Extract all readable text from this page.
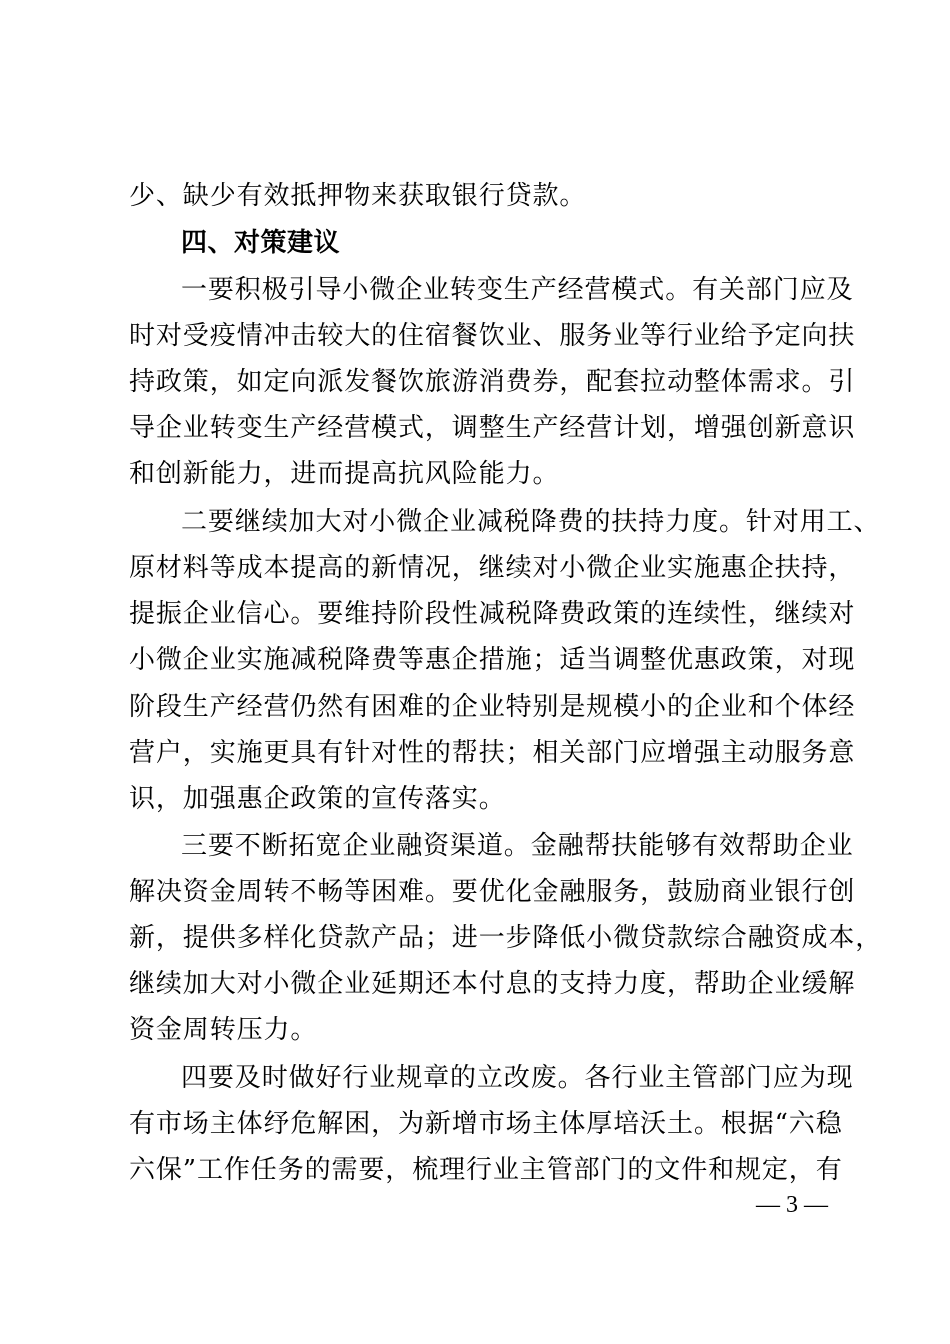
少、缺少有效抵押物来获取银行贷款。
四、对策建议
一要积极引导小微企业转变生产经营模式。有关部门应及
时对受疫情冲击较大的住宿餐饮业、服务业等行业给予定向扶
持政策，如定向派发餐饮旅游消费券，配套拉动整体需求。引
导企业转变生产经营模式，调整生产经营计划，增强创新意识
和创新能力，进而提高抗风险能力。
二要继续加大对小微企业减税降费的扶持力度。针对用工、
原材料等成本提高的新情况，继续对小微企业实施惠企扶持，
提振企业信心。要维持阶段性减税降费政策的连续性，继续对
小微企业实施减税降费等惠企措施；适当调整优惠政策，对现
阶段生产经营仍然有困难的企业特别是规模小的企业和个体经
营户，实施更具有针对性的帮扶；相关部门应增强主动服务意
识，加强惠企政策的宣传落实。
三要不断拓宽企业融资渠道。金融帮扶能够有效帮助企业
解决资金周转不畅等困难。要优化金融服务，鼓励商业银行创
新，提供多样化贷款产品；进一步降低小微贷款综合融资成本，
继续加大对小微企业延期还本付息的支持力度，帮助企业缓解
资金周转压力。
四要及时做好行业规章的立改废。各行业主管部门应为现
有市场主体纾危解困，为新增市场主体厚培沃土。根据“六稳
六保”工作任务的需要，梳理行业主管部门的文件和规定，有
— 3 —
